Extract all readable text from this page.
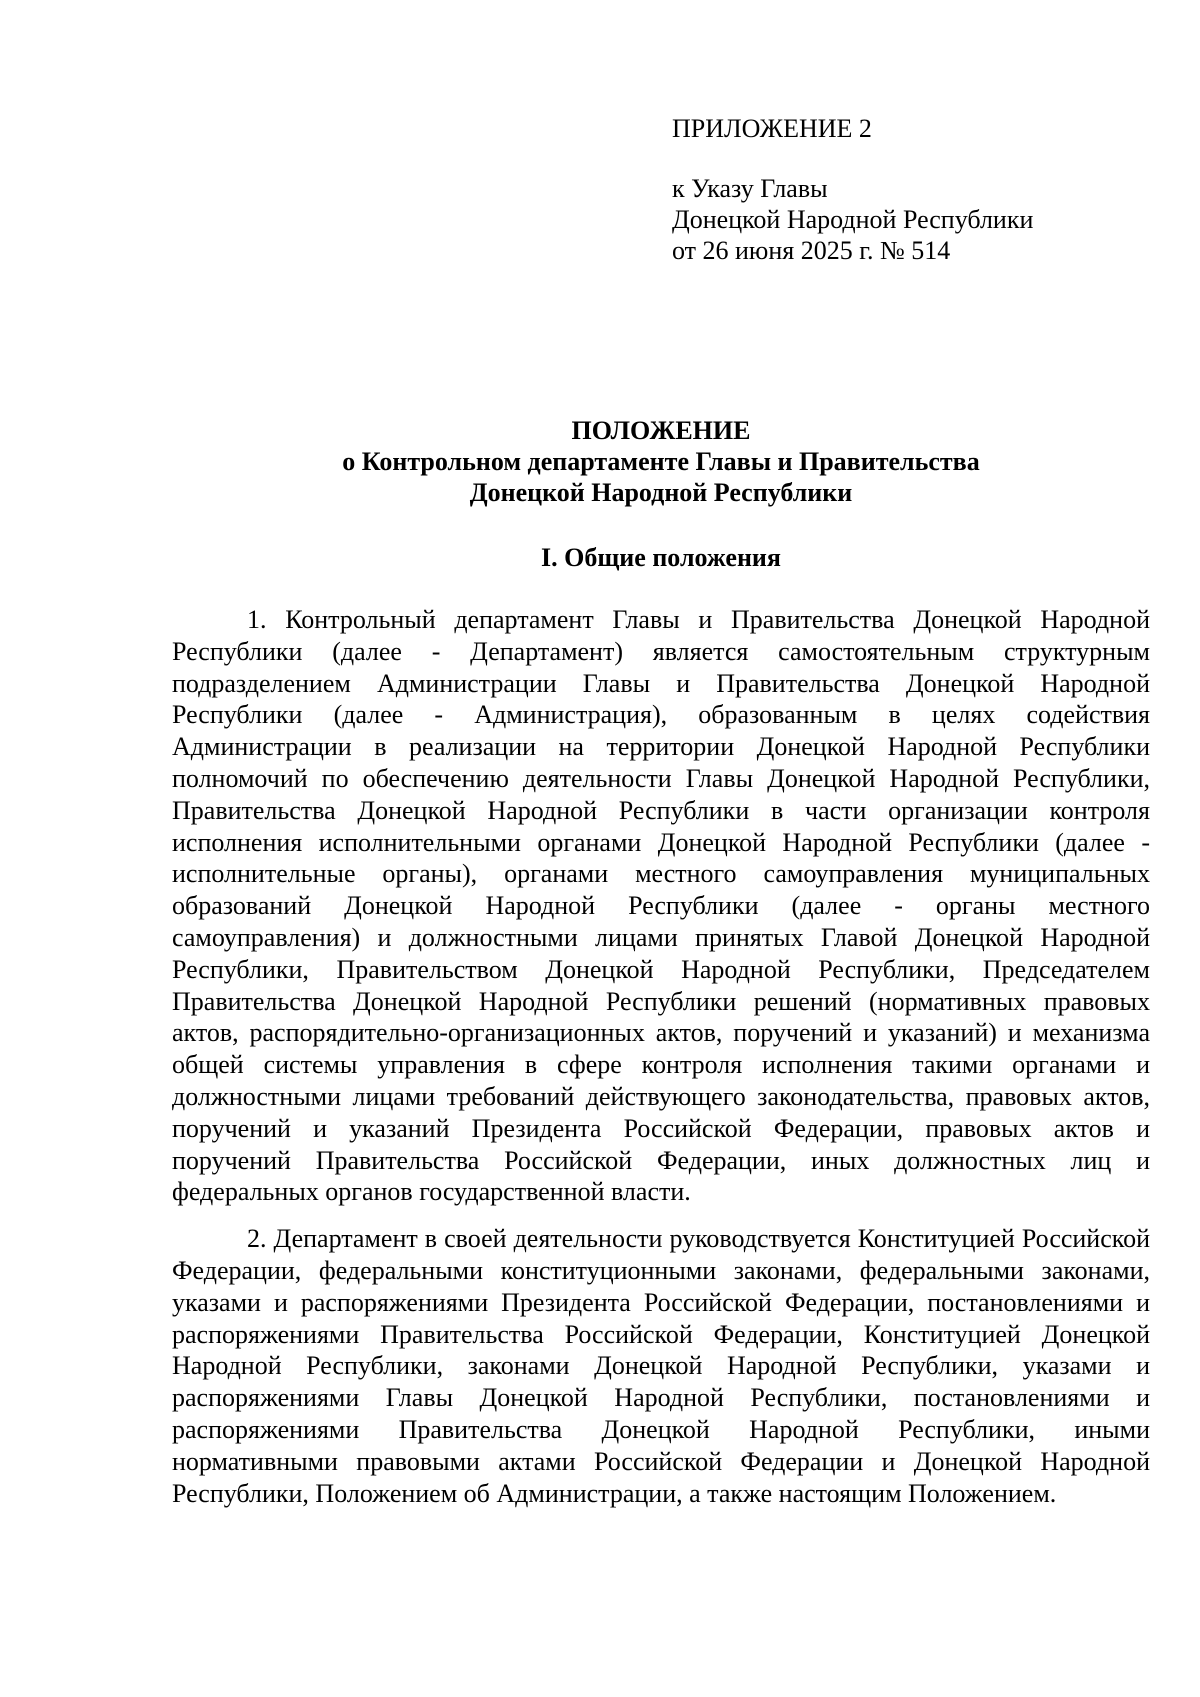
ПРИЛОЖЕНИЕ 2
к Указу Главы
Донецкой Народной Республики
от 26 июня 2025 г. № 514
ПОЛОЖЕНИЕ
о Контрольном департаменте Главы и Правительства
Донецкой Народной Республики
I. Общие положения

1. Контрольный департамент Главы и Правительства Донецкой Народной Республики (далее - Департамент) является самостоятельным структурным подразделением Администрации Главы и Правительства Донецкой Народной Республики (далее - Администрация), образованным в целях содействия Администрации в реализации на территории Донецкой Народной Республики полномочий по обеспечению деятельности Главы Донецкой Народной Республики, Правительства Донецкой Народной Республики в части организации контроля исполнения исполнительными органами Донецкой Народной Республики (далее - исполнительные органы), органами местного самоуправления муниципальных образований Донецкой Народной Республики (далее - органы местного самоуправления) и должностными лицами принятых Главой Донецкой Народной Республики, Правительством Донецкой Народной Республики, Председателем Правительства Донецкой Народной Республики решений (нормативных правовых актов, распорядительно-организационных актов, поручений и указаний) и механизма общей системы управления в сфере контроля исполнения такими органами и должностными лицами требований действующего законодательства, правовых актов, поручений и указаний Президента Российской Федерации, правовых актов и поручений Правительства Российской Федерации, иных должностных лиц и федеральных органов государственной власти.

2. Департамент в своей деятельности руководствуется Конституцией Российской Федерации, федеральными конституционными законами, федеральными законами, указами и распоряжениями Президента Российской Федерации, постановлениями и распоряжениями Правительства Российской Федерации, Конституцией Донецкой Народной Республики, законами Донецкой Народной Республики, указами и распоряжениями Главы Донецкой Народной Республики, постановлениями и распоряжениями Правительства Донецкой Народной Республики, иными нормативными правовыми актами Российской Федерации и Донецкой Народной Республики, Положением об Администрации, а также настоящим Положением.
